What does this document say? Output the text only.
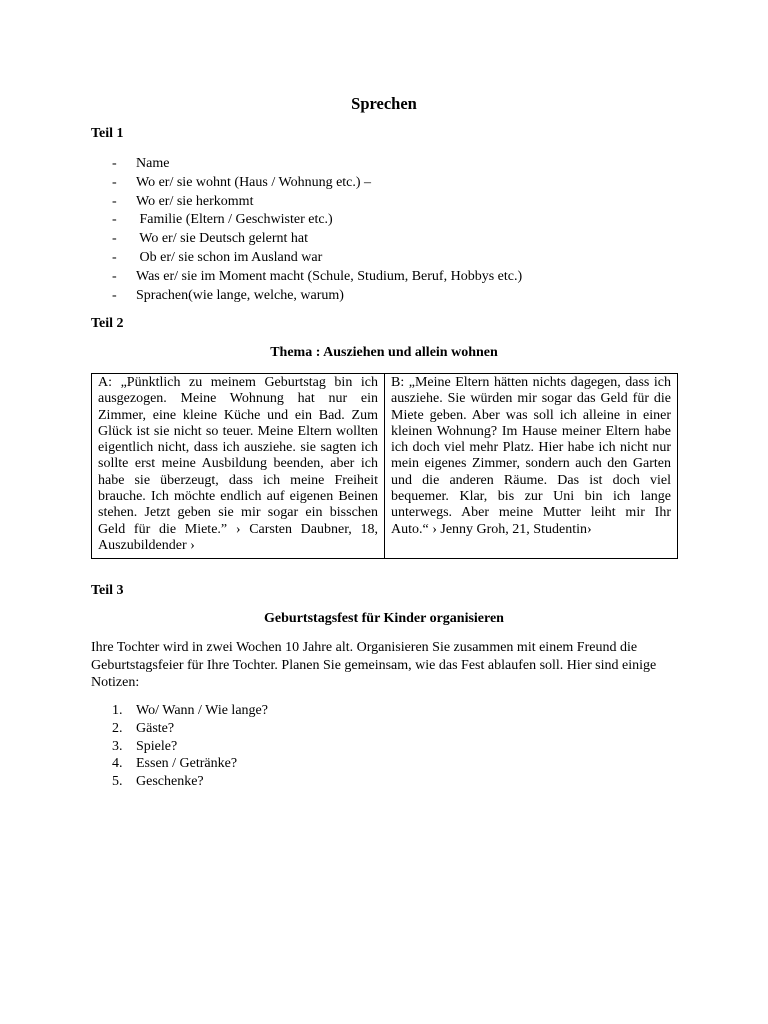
Sprechen
Teil 1
- Name
- Wo er/ sie wohnt (Haus / Wohnung etc.) –
- Wo er/ sie herkommt
- Familie (Eltern / Geschwister etc.)
- Wo er/ sie Deutsch gelernt hat
- Ob er/ sie schon im Ausland war
- Was er/ sie im Moment macht (Schule, Studium, Beruf, Hobbys etc.)
- Sprachen(wie lange, welche, warum)
Teil 2
Thema : Ausziehen und allein wohnen
A: „Pünktlich zu meinem Geburtstag bin ich ausgezogen. Meine Wohnung hat nur ein Zimmer, eine kleine Küche und ein Bad. Zum Glück ist sie nicht so teuer. Meine Eltern wollten eigentlich nicht, dass ich ausziehe. sie sagten ich sollte erst meine Ausbildung beenden, aber ich habe sie überzeugt, dass ich meine Freiheit brauche. Ich möchte endlich auf eigenen Beinen stehen. Jetzt geben sie mir sogar ein bisschen Geld für die Miete.” › Carsten Daubner, 18, Auszubildender ›	B: „Meine Eltern hätten nichts dagegen, dass ich ausziehe. Sie würden mir sogar das Geld für die Miete geben. Aber was soll ich alleine in einer kleinen Wohnung? Im Hause meiner Eltern habe ich doch viel mehr Platz. Hier habe ich nicht nur mein eigenes Zimmer, sondern auch den Garten und die anderen Räume. Das ist doch viel bequemer. Klar, bis zur Uni bin ich lange unterwegs. Aber meine Mutter leiht mir Ihr Auto.“ › Jenny Groh, 21, Studentin›
Teil 3
Geburtstagsfest für Kinder organisieren
Ihre Tochter wird in zwei Wochen 10 Jahre alt. Organisieren Sie zusammen mit einem Freund die Geburtstagsfeier für Ihre Tochter. Planen Sie gemeinsam, wie das Fest ablaufen soll. Hier sind einige Notizen:
1. Wo/ Wann / Wie lange?
2. Gäste?
3. Spiele?
4. Essen / Getränke?
5. Geschenke?
